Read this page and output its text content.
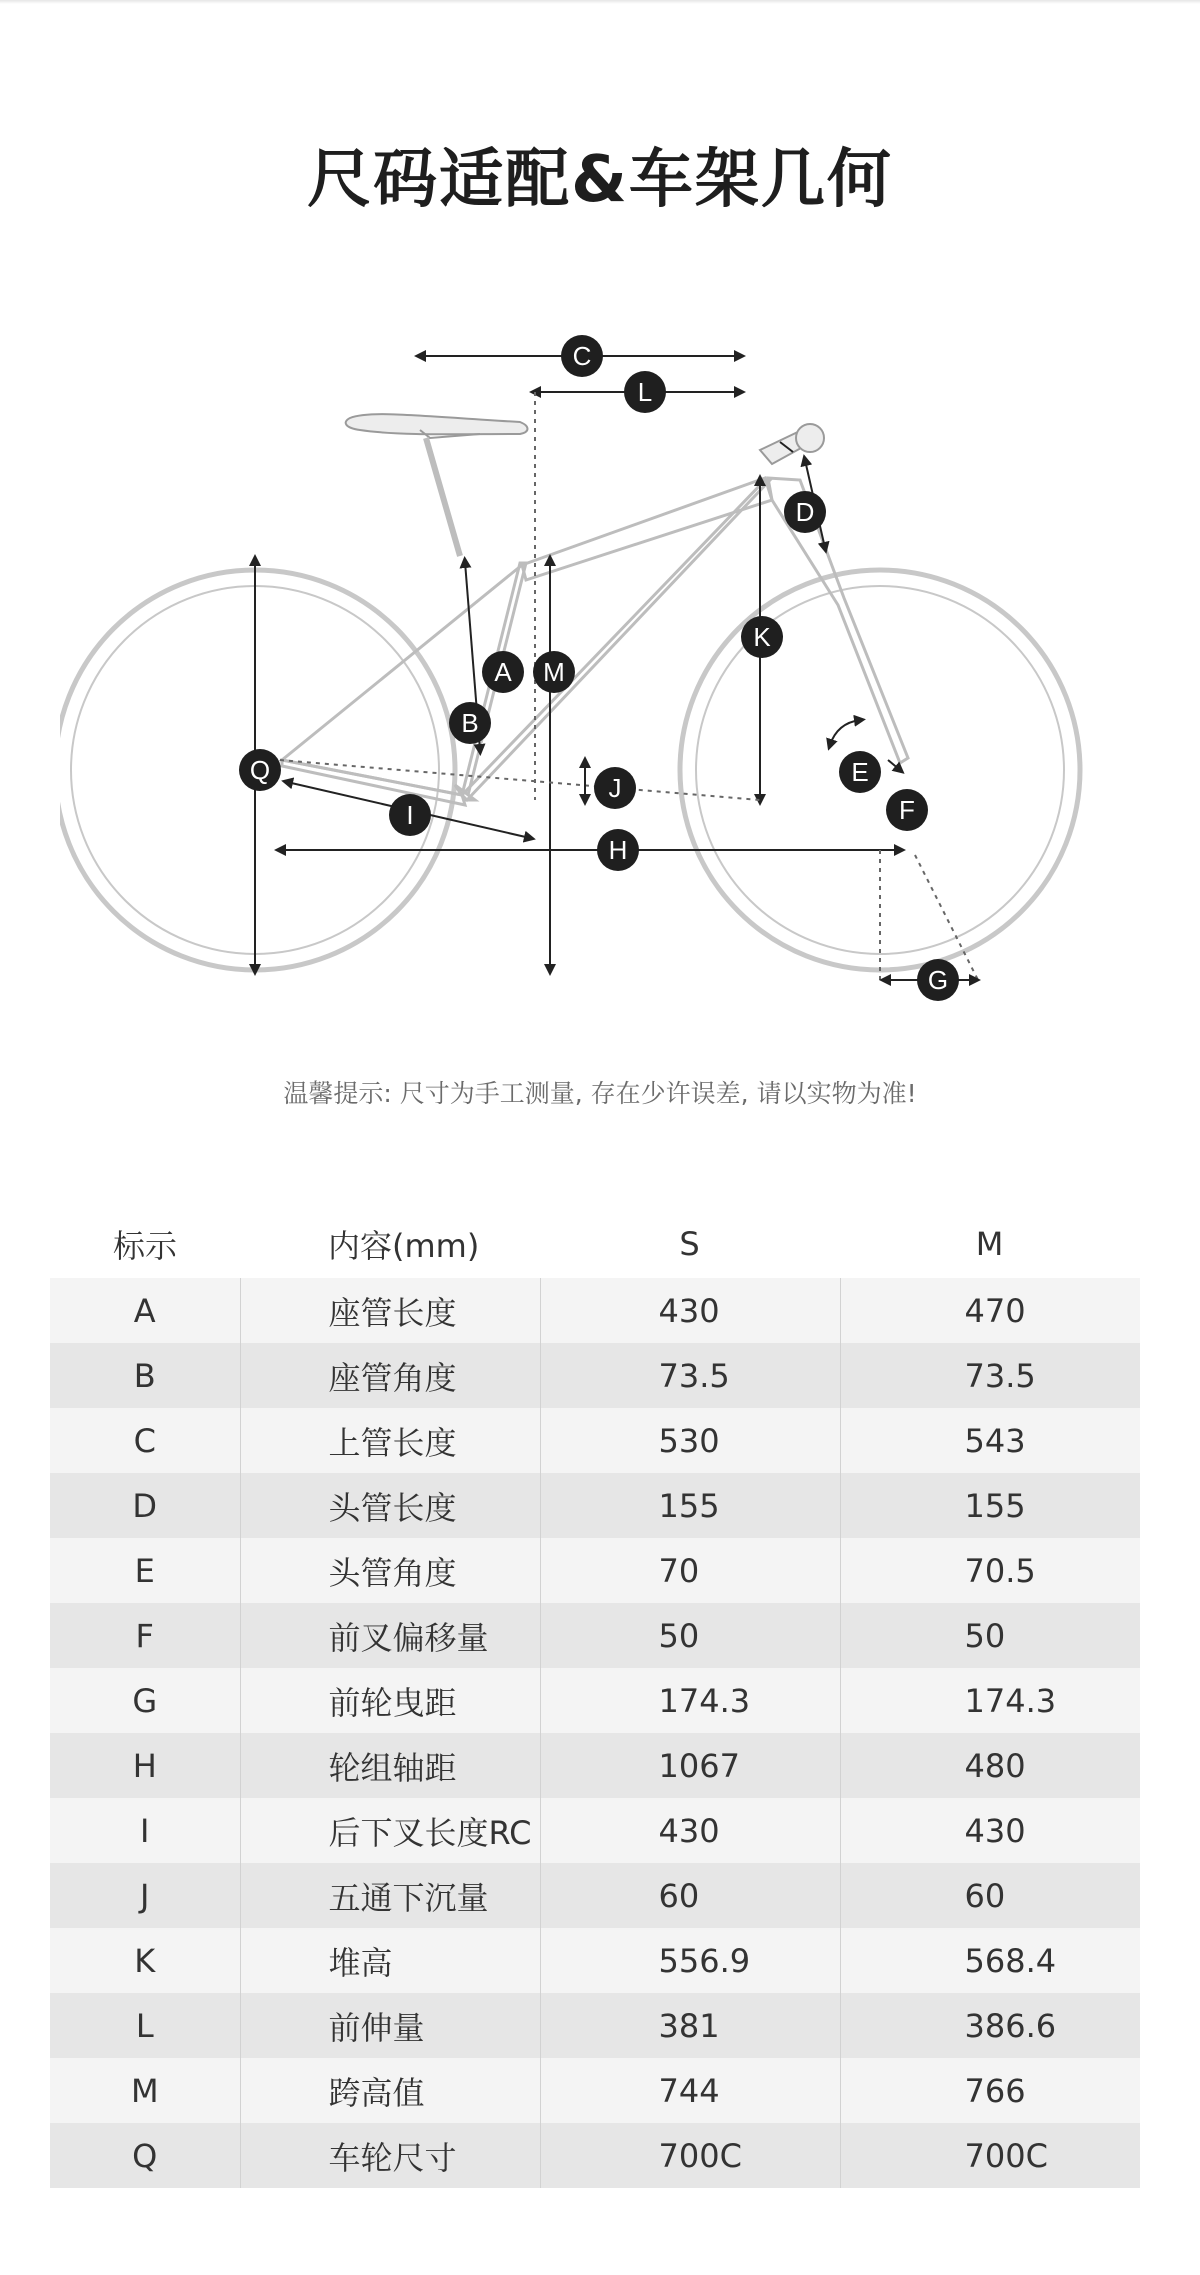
尺码适配&车架几何
C
L
D
K
A M
B
Q
J
E
F
I
H
G
温馨提示: 尺寸为手工测量, 存在少许误差, 请以实物为准!
标示	内容(mm)	S	M
A	座管长度	430	470
B	座管角度	73.5	73.5
C	上管长度	530	543
D	头管长度	155	155
E	头管角度	70	70.5
F	前叉偏移量	50	50
G	前轮曳距	174.3	174.3
H	轮组轴距	1067	480
I	后下叉长度RC	430	430
J	五通下沉量	60	60
K	堆高	556.9	568.4
L	前伸量	381	386.6
M	跨高值	744	766
Q	车轮尺寸	700C	700C
